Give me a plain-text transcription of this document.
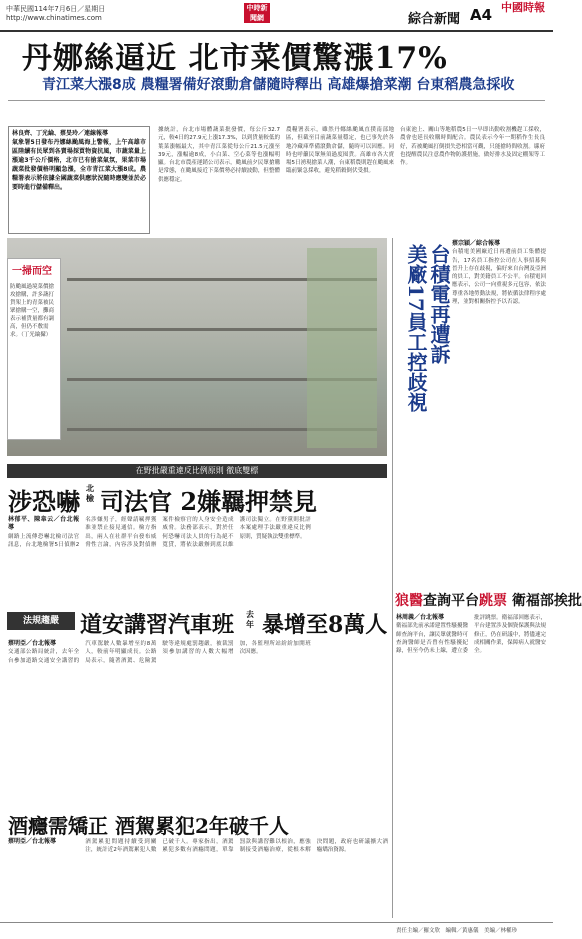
中華民國114年7月6日／星期日
http://www.chinatimes.com
中時新聞網	綜合新聞 A4 中國時報
丹娜絲逼近 北市菜價驚漲17%
青江菜大漲8成 農糧署備好滾動倉儲隨時釋出 高雄爆搶菜潮 台東稻農急採收
林良齊、丁光綸、蔡旻玲／連線報導
氣象署5日發布丹娜絲颱風海上警報，上午高雄市區陸續有民眾到各賣場採買物資抗風，市蔬菜量上漲逾3千公斤價格，北市已有搶菜氣氛，果菜市場蔬菜批發價格明顯急漲，全市青江菜大漲8成。農糧署表示將依據全國蔬菜供應狀況隨時應變並於必要時進行儲備釋出。
據統計，台北市場體蔬菜批發價，每公斤32.7元，較4日的27.9元上漲17.3%，以到貨量較低的葉菜漲幅最大，其中青江菜從每公斤21.5元漲至39元，漲幅逾8成，小白菜、空心菜等也漲幅明顯。台北市農產運銷公司表示，颱風前夕民眾搶購是常態，在颱風接近下菜價勢必持續波動，但整體供應穩定。
農糧署表示，雖然丹娜絲颱風直撲南部地區，但截至目前蔬菜量穩定，也已事先於各地冷藏庫準備滾動倉儲，隨時可以因應。同時也呼籲民眾無須過度囤貨。高雄市各大賣場5日湧現搶菜人潮，台東稻農則趕在颱風來臨前緊急採收，避免稻穀倒伏受損。
台東池上、關山等地稻農5日一早即出動收割機趕工採收，農會也延長收購時間配合。農民表示今年一期稻作生長良好，若被颱風打倒損失恐相當可觀，只能搶時間收割。縣府也提醒農民注意農作物防護措施，做好排水及固定棚架等工作。
一掃而空
防颱風過境菜價搶攻搶購，許多蔬打貨架上的青菜被民眾搶購一空，攤商表示補貨量都有調高，但仍不敷需求。（丁光綸攝）
在野批嚴重違反比例原則 徹底雙標
涉恐嚇 北檢 司法官 2嫌羈押禁見
林郁平、陳韋云／台北報導
網路上流傳恐嚇北檢司法官訊息，台北地檢署5日偵辦2名涉嫌男子，經聲請羈押獲准並禁止接見通信。檢方指出，兩人在社群平台發布威脅性言論，內容涉及對偵辦案件檢察官的人身安全造成威脅。法務部表示，對於任何恐嚇司法人員的行為絕不寬貸，將依法嚴辦到底以維護司法獨立。在野黨則批評本案處理手法嚴重違反比例原則，質疑執法雙重標準。
法規趨嚴 道安講習汽車班 去年 暴增至8萬人
蔡明亞／台北報導
交通部公路局統計，去年全台參加道路交通安全講習的汽車駕駛人數暴增至約8萬人，較前年明顯成長。公路局表示，隨著酒駕、危險駕駛等違規處罰趨嚴，被裁罰須參加講習的人數大幅增加，各監理所站紛紛加開班次因應。
酒癮需矯正 酒駕累犯2年破千人
蔡明亞／台北報導	酒駕累犯問題持續受到關注，統計近2年酒駕累犯人數已破千人。專家指出，酒駕累犯多數有酒癮問題，單靠罰款與講習難以根治，應強制接受酒癮治療，從根本解決問題，政府也研議擴大酒癮矯治資源。
美廠17員工控歧視 台積電再遭訴
蔡宗穎／綜合報導
台積電美國廠近日再遭前員工集體提告，17名員工指控公司在人事招募與晉升上存在歧視，偏好來自台灣及亞洲的員工，對美籍員工不公平。台積電回應表示，公司一向重視多元包容，依法尊重各地勞動法規，將依循法律程序處理，並對相關指控予以否認。
狼醫查詢平台跳票 衛福部挨批
林周義／台北報導
衛福部先前承諾建置性騷擾醫師查詢平台，讓民眾就醫時可查詢醫師是否曾有性騷擾紀錄，但至今仍未上線，遭立委批評跳票。衛福部回應表示，平台建置涉及個資保護與法規修正，仍在研議中，將儘速完成相關作業，保障病人就醫安全。
責任主編／羅文欣　編輯／黃惠儀　美編／林權珍
